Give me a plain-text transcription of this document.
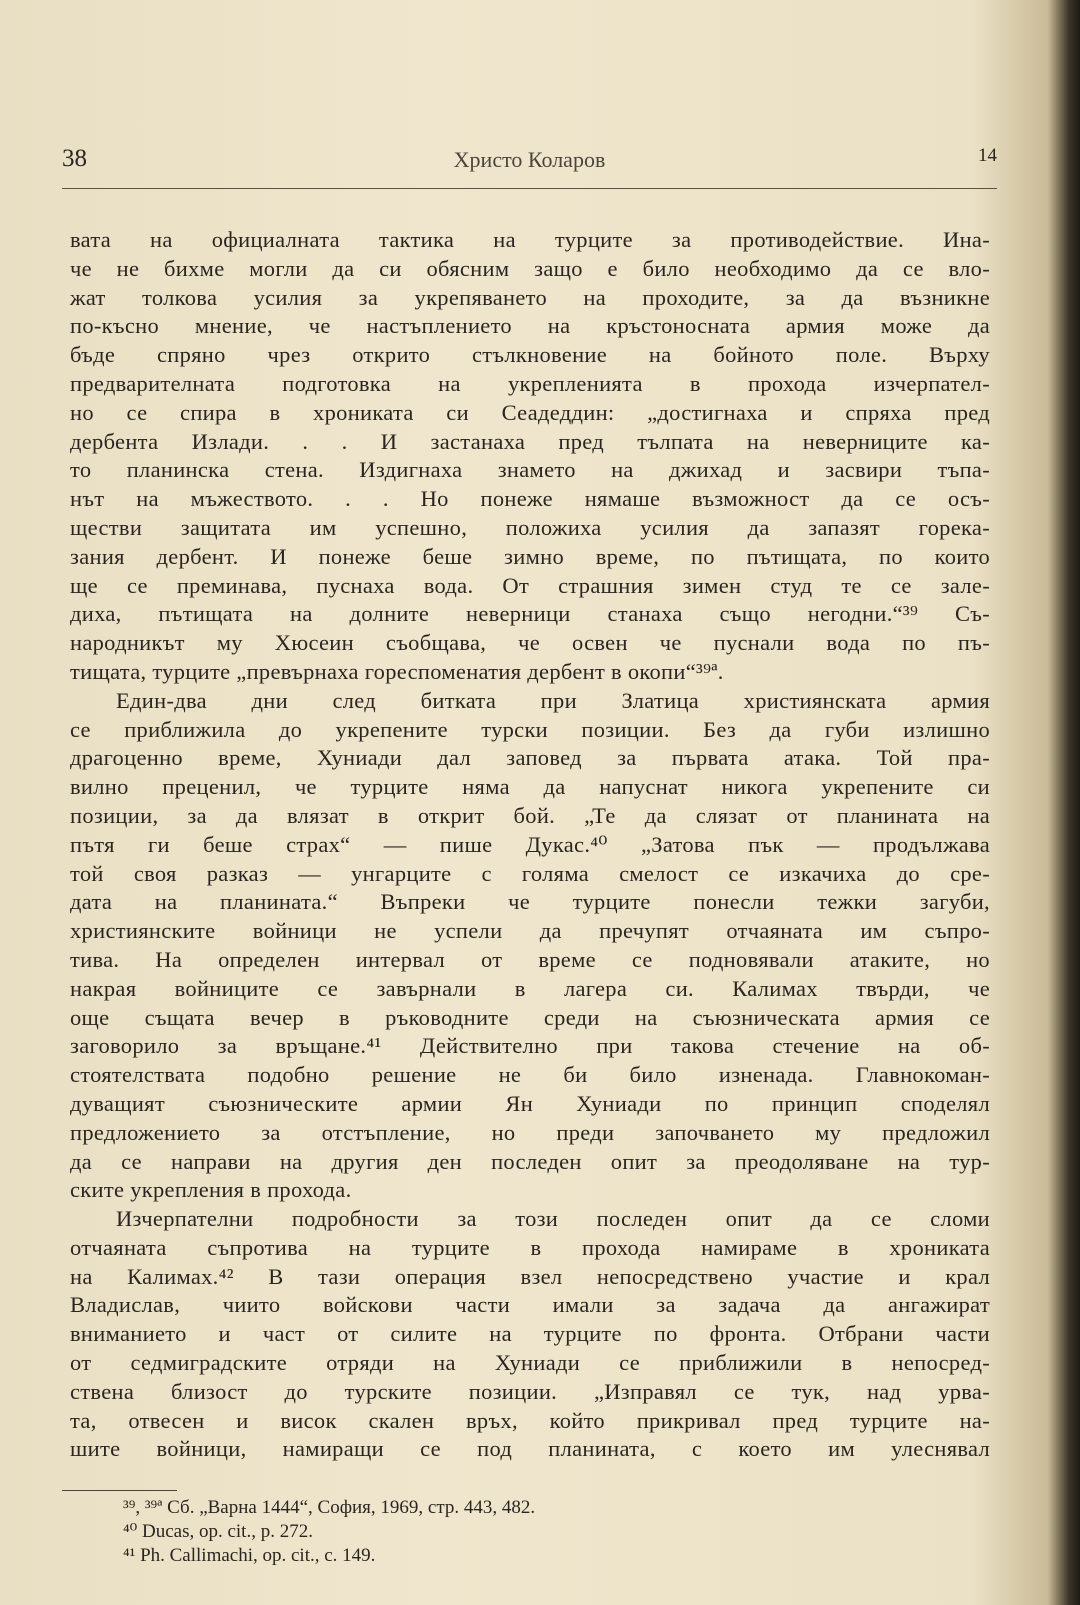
38	Христо Коларов	14
вата на официалната тактика на турците за противодействие. Ина-
че не бихме могли да си обясним защо е било необходимо да се вло-
жат толкова усилия за укрепяването на проходите, за да възникне
по-късно мнение, че настъплението на кръстоносната армия може да
бъде спряно чрез открито стълкновение на бойното поле. Върху
предварителната подготовка на укрепленията в прохода изчерпател-
но се спира в хрониката си Сеадеддин: „достигнаха и спряха пред
дербента Излади. . . И застанаха пред тълпата на неверниците ка-
то планинска стена. Издигнаха знамето на джихад и засвири тъпа-
нът на мъжеството. . . Но понеже нямаше възможност да се осъ-
ществи защитата им успешно, положиха усилия да запазят горека-
зания дербент. И понеже беше зимно време, по пътищата, по които
ще се преминава, пуснаха вода. От страшния зимен студ те се зале-
диха, пътищата на долните неверници станаха също негодни.“³⁹ Съ-
народникът му Хюсеин съобщава, че освен че пуснали вода по пъ-
тищата, турците „превърнаха гореспоменатия дербент в окопи“³⁹ª.
Един-два дни след битката при Златица християнската армия
се приближила до укрепените турски позиции. Без да губи излишно
драгоценно време, Хуниади дал заповед за първата атака. Той пра-
вилно преценил, че турците няма да напуснат никога укрепените си
позиции, за да влязат в открит бой. „Те да слязат от планината на
пътя ги беше страх“ — пише Дукас.⁴⁰ „Затова пък — продължава
той своя разказ — унгарците с голяма смелост се изкачиха до сре-
дата на планината.“ Въпреки че турците понесли тежки загуби,
християнските войници не успели да пречупят отчаяната им съпро-
тива. На определен интервал от време се подновявали атаките, но
накрая войниците се завърнали в лагера си. Калимах твърди, че
още същата вечер в ръководните среди на съюзническата армия се
заговорило за връщане.⁴¹ Действително при такова стечение на об-
стоятелствата подобно решение не би било изненада. Главнокоман-
дуващият съюзническите армии Ян Хуниади по принцип споделял
предложението за отстъпление, но преди започването му предложил
да се направи на другия ден последен опит за преодоляване на тур-
ските укрепления в прохода.
Изчерпателни подробности за този последен опит да се сломи
отчаяната съпротива на турците в прохода намираме в хрониката
на Калимах.⁴² В тази операция взел непосредствено участие и крал
Владислав, чиито войскови части имали за задача да ангажират
вниманието и част от силите на турците по фронта. Отбрани части
от седмиградските отряди на Хуниади се приближили в непосред-
ствена близост до турските позиции. „Изправял се тук, над урва-
та, отвесен и висок скален връх, който прикривал пред турците на-
шите войници, намиращи се под планината, с което им улеснявал
³⁹, ³⁹ª Сб. „Варна 1444“, София, 1969, стр. 443, 482.
⁴⁰ Ducas, op. cit., p. 272.
⁴¹ Ph. Callimachi, op. cit., c. 149.
